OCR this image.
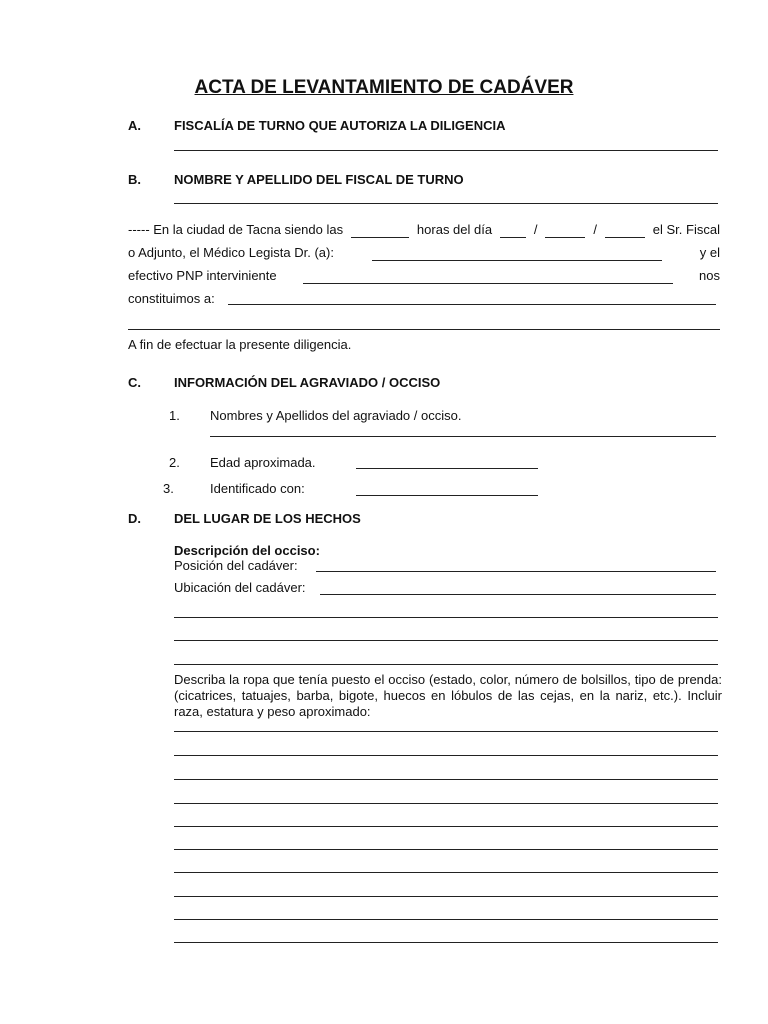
ACTA DE LEVANTAMIENTO DE CADÁVER
A.	FISCALÍA DE TURNO QUE AUTORIZA LA DILIGENCIA
B.	NOMBRE Y APELLIDO DEL FISCAL DE TURNO
----- En la ciudad de Tacna siendo las	horas del día	/	/	el Sr. Fiscal
o Adjunto, el Médico Legista Dr. (a):	y el
efectivo PNP interviniente	nos
constituimos a:
A fin de efectuar la presente diligencia.
C.	INFORMACIÓN DEL AGRAVIADO / OCCISO
1. Nombres y Apellidos del agraviado / occiso.
2. Edad aproximada.
3.	Identificado con:
D.	DEL LUGAR DE LOS HECHOS
Descripción del occiso:
Posición del cadáver:
Ubicación del cadáver:
Describa la ropa que tenía puesto el occiso (estado, color, número de bolsillos, tipo de prenda: (cicatrices, tatuajes, barba, bigote, huecos en lóbulos de las cejas, en la nariz, etc.). Incluir raza, estatura y peso aproximado:
